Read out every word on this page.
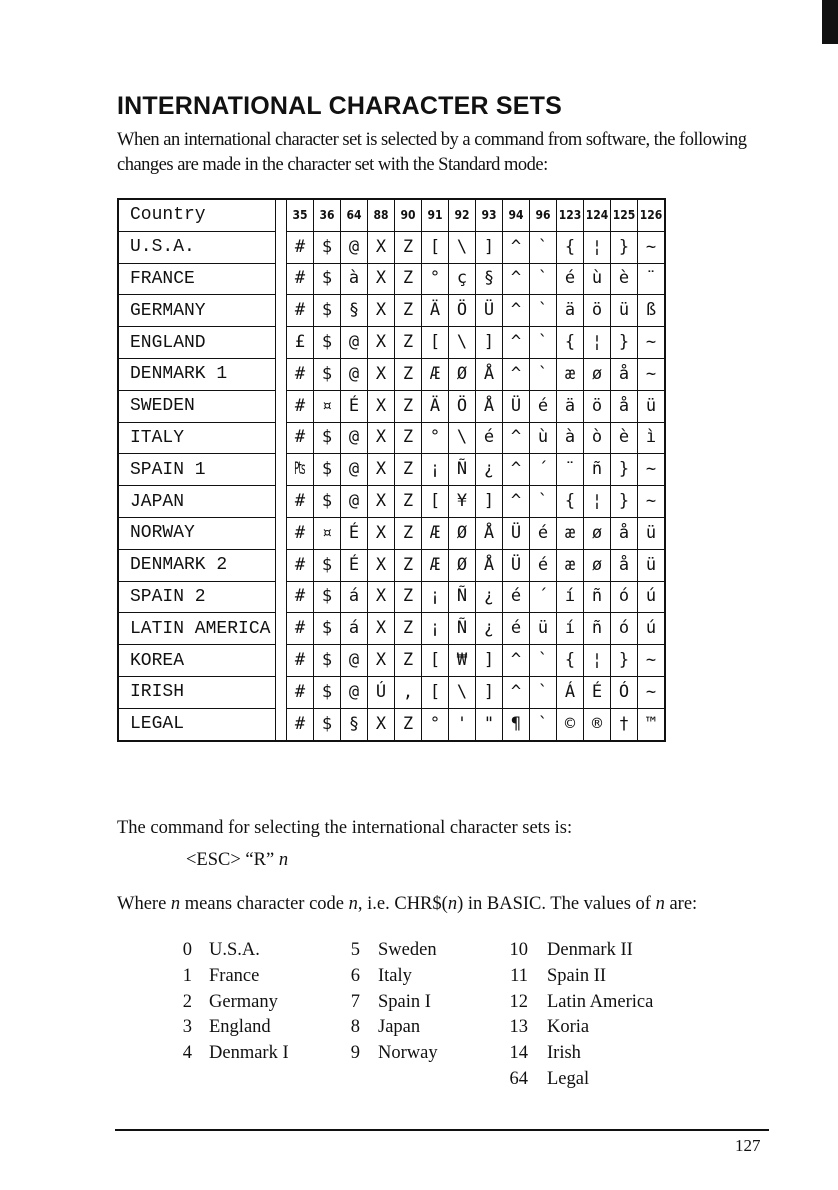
INTERNATIONAL CHARACTER SETS

When an international character set is selected by a command from software, the following changes are made in the character set with the Standard mode:

Country		35	36	64	88	90	91	92	93	94	96	123	124	125	126
U.S.A.		#	$	@	X	Z	[	\	]	^	`	{	¦	}	~
FRANCE		#	$	à	X	Z	°	ç	§	^	`	é	ù	è	¨
GERMANY		#	$	§	X	Z	Ä	Ö	Ü	^	`	ä	ö	ü	ß
ENGLAND		£	$	@	X	Z	[	\	]	^	`	{	¦	}	~
DENMARK 1		#	$	@	X	Z	Æ	Ø	Å	^	`	æ	ø	å	~
SWEDEN		#	¤	É	X	Z	Ä	Ö	Å	Ü	é	ä	ö	å	ü
ITALY		#	$	@	X	Z	°	\	é	^	ù	à	ò	è	ì
SPAIN 1		₧	$	@	X	Z	¡	Ñ	¿	^	´	¨	ñ	}	~
JAPAN		#	$	@	X	Z	[	¥	]	^	`	{	¦	}	~
NORWAY		#	¤	É	X	Z	Æ	Ø	Å	Ü	é	æ	ø	å	ü
DENMARK 2		#	$	É	X	Z	Æ	Ø	Å	Ü	é	æ	ø	å	ü
SPAIN 2		#	$	á	X	Z	¡	Ñ	¿	é	´	í	ñ	ó	ú
LATIN AMERICA		#	$	á	X	Z	¡	Ñ	¿	é	ü	í	ñ	ó	ú
KOREA		#	$	@	X	Z	[	₩	]	^	`	{	¦	}	~
IRISH		#	$	@	Ú	,	[	\	]	^	`	Á	É	Ó	~
LEGAL		#	$	§	X	Z	°	'	"	¶	`	©	®	†	™

The command for selecting the international character sets is:

<ESC> “R” n

Where n means character code n, i.e. CHR$(n) in BASIC. The values of n are:

0 U.S.A.
1 France
2 Germany
3 England
4 Denmark I
5 Sweden
6 Italy
7 Spain I
8 Japan
9 Norway
10 Denmark II
11 Spain II
12 Latin America
13 Koria
14 Irish
64 Legal
127
